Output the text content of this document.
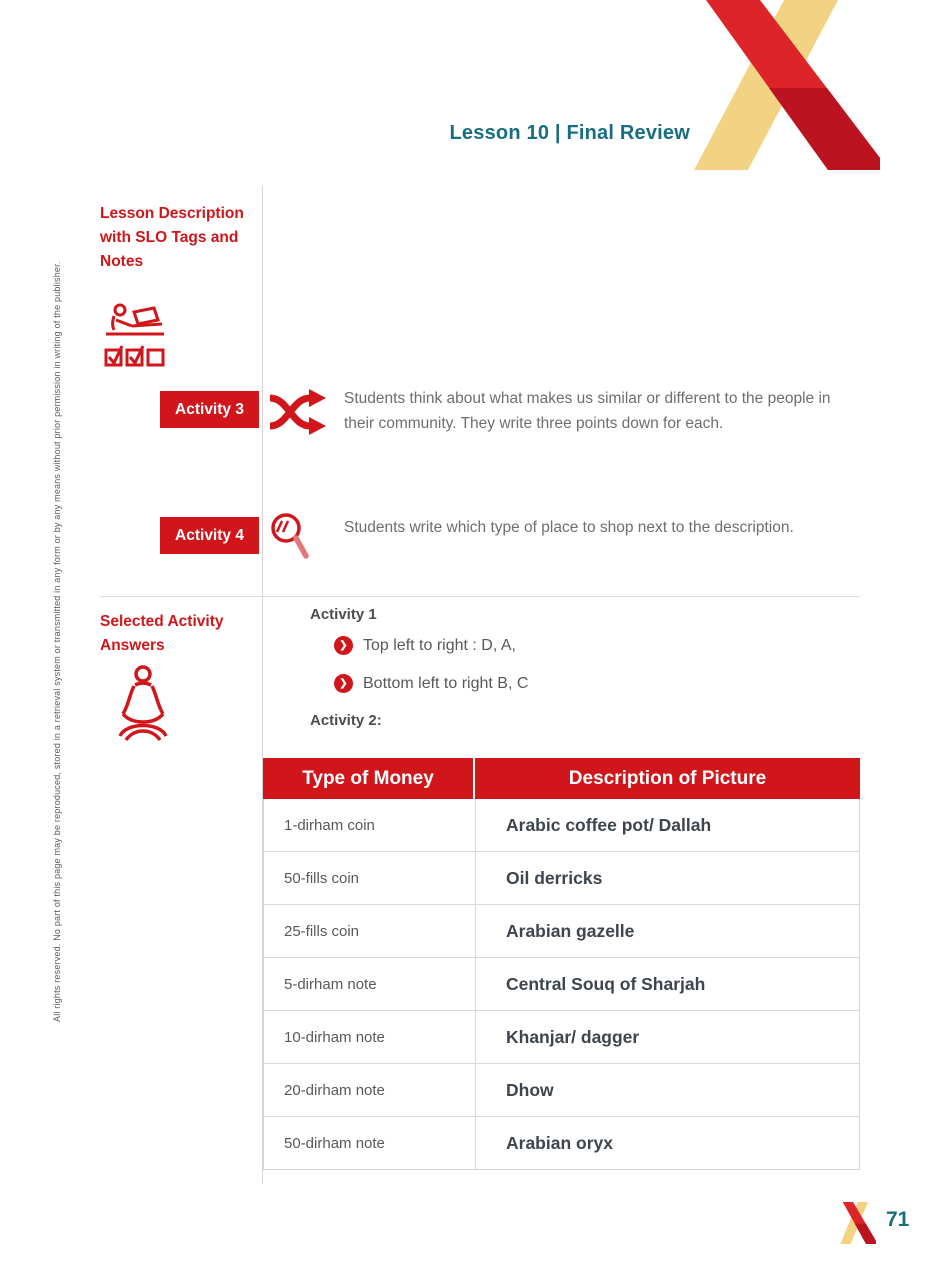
Lesson 10 | Final Review
All rights reserved. No part of this page may be reproduced, stored in a retrieval system or transmitted in any form or by any means without prior permission in writing of the publisher.
Lesson Description with SLO Tags and Notes
Activity 3
Students think about what makes us similar or different to the people in their community. They write three points down for each.
Activity 4	Students write which type of place to shop next to the description.
Selected Activity Answers
Activity 1
❯ Top left to right : D, A,
❯ Bottom left to right B, C
Activity 2:
Type of Money	Description of Picture
1-dirham coin	Arabic coffee pot/ Dallah
50-fills coin	Oil derricks
25-fills coin	Arabian gazelle
5-dirham note	Central Souq of Sharjah
10-dirham note	Khanjar/ dagger
20-dirham note	Dhow
50-dirham note	Arabian oryx
71
